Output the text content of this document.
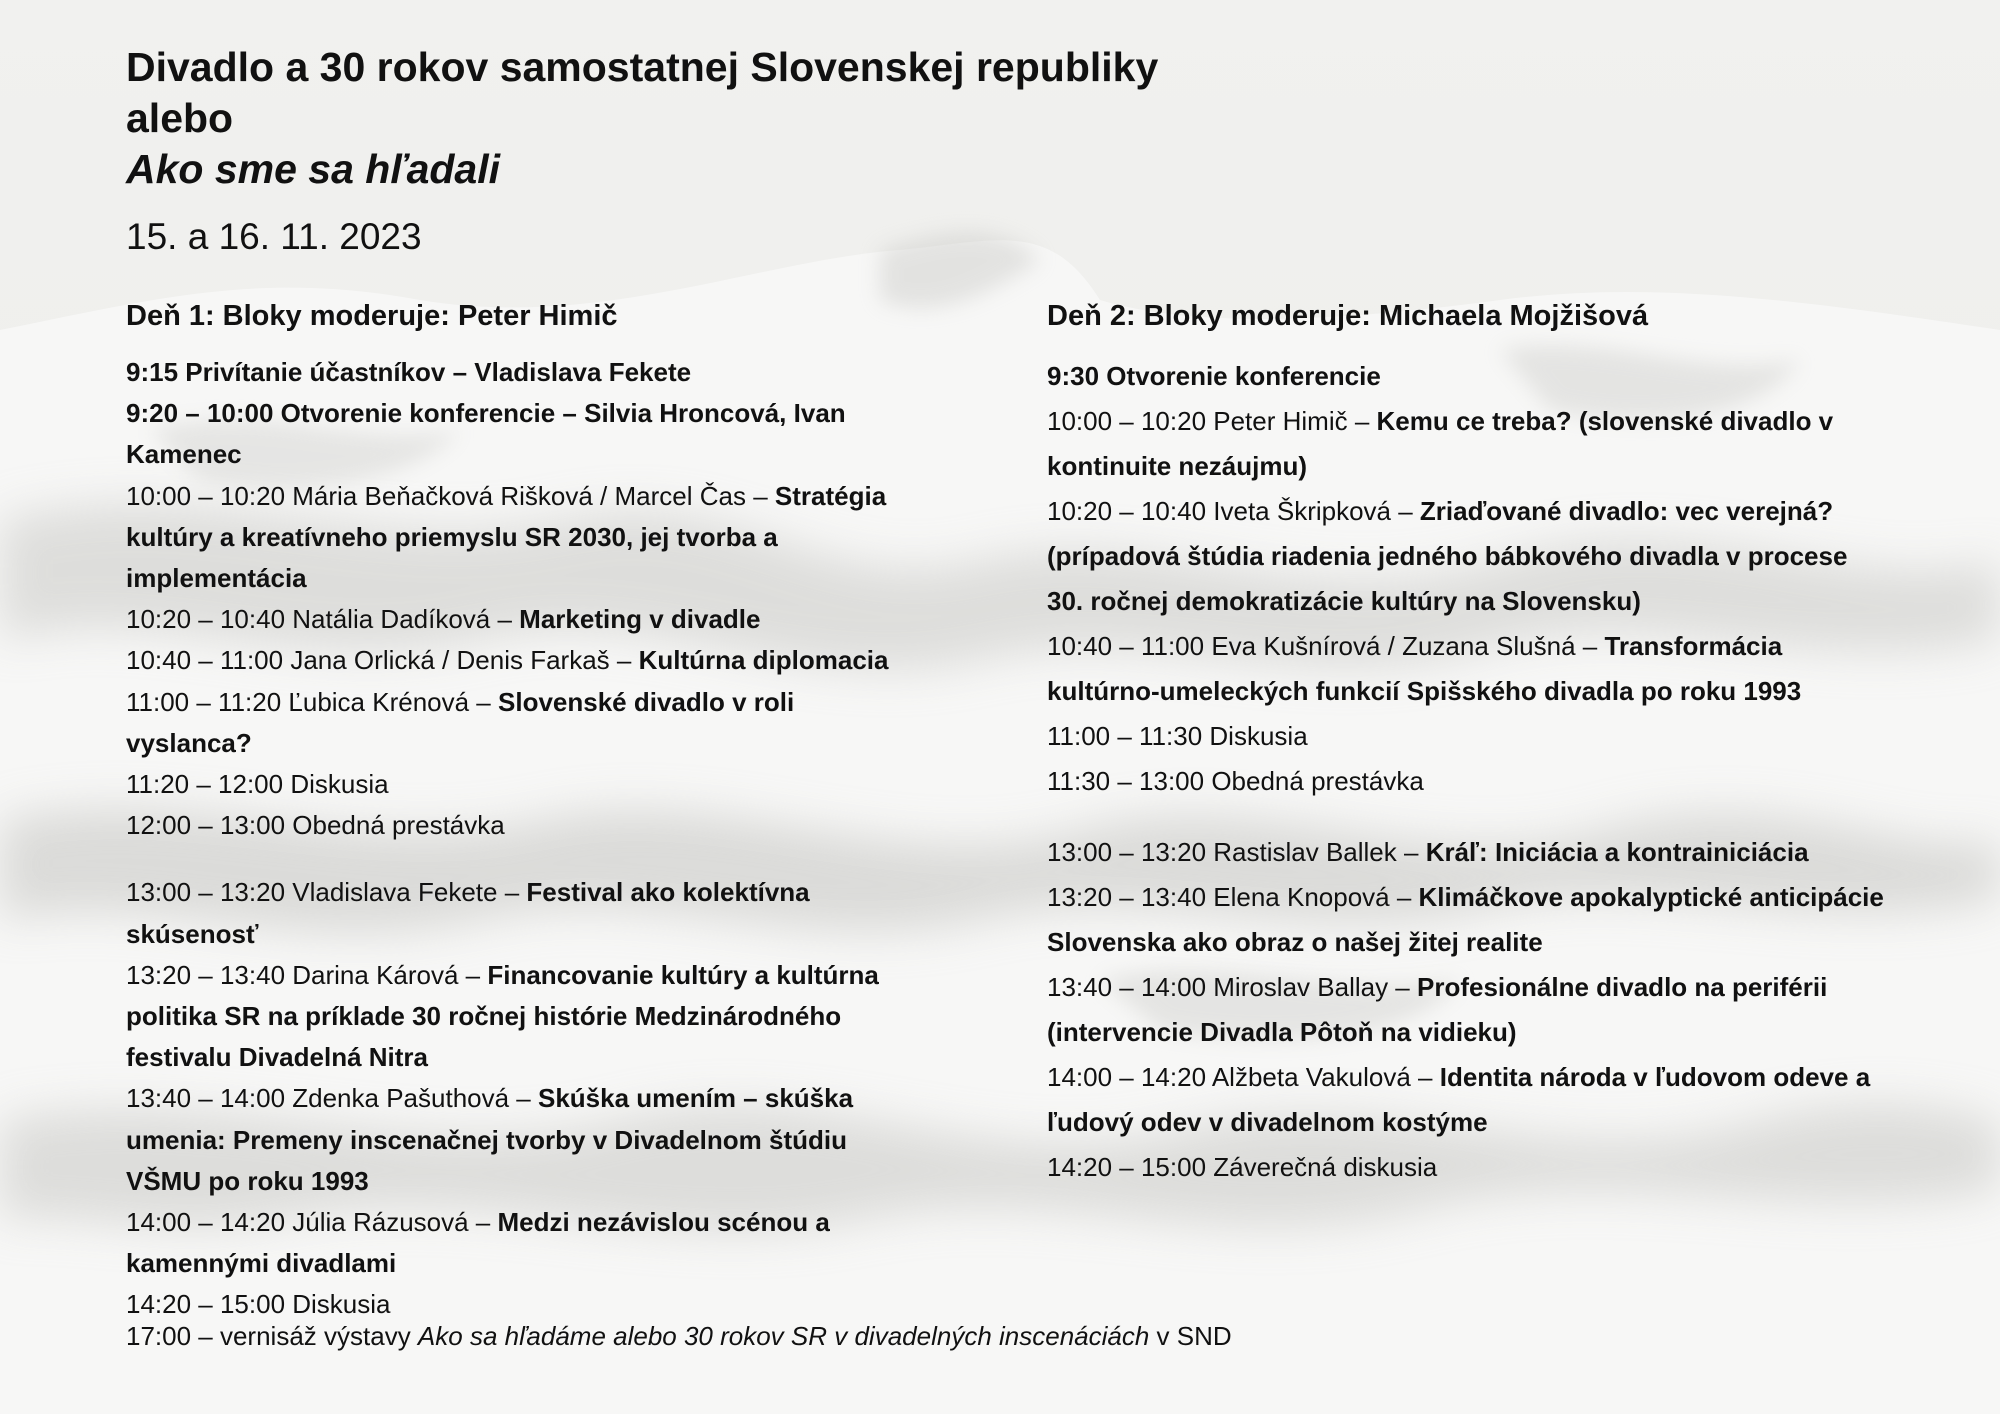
Divadlo a 30 rokov samostatnej Slovenskej republiky

alebo

Ako sme sa hľadali

15. a 16. 11. 2023

Deň 1: Bloky moderuje: Peter Himič

9:15 Privítanie účastníkov – Vladislava Fekete
9:20 – 10:00 Otvorenie konferencie – Silvia Hroncová, Ivan Kamenec
10:00 – 10:20 Mária Beňačková Rišková / Marcel Čas – Stratégia kultúry a kreatívneho priemyslu SR 2030, jej tvorba a implementácia
10:20 – 10:40 Natália Dadíková – Marketing v divadle
10:40 – 11:00 Jana Orlická / Denis Farkaš – Kultúrna diplomacia
11:00 – 11:20 Ľubica Krénová – Slovenské divadlo v roli vyslanca?
11:20 – 12:00 Diskusia
12:00 – 13:00 Obedná prestávka
13:00 – 13:20 Vladislava Fekete – Festival ako kolektívna skúsenosť
13:20 – 13:40 Darina Kárová – Financovanie kultúry a kultúrna politika SR na príklade 30 ročnej histórie Medzinárodného festivalu Divadelná Nitra
13:40 – 14:00 Zdenka Pašuthová – Skúška umením – skúška umenia: Premeny inscenačnej tvorby v Divadelnom štúdiu VŠMU po roku 1993
14:00 – 14:20 Júlia Rázusová – Medzi nezávislou scénou a kamennými divadlami
14:20 – 15:00 Diskusia

Deň 2: Bloky moderuje: Michaela Mojžišová

9:30 Otvorenie konferencie
10:00 – 10:20 Peter Himič – Kemu ce treba? (slovenské divadlo v kontinuite nezáujmu)
10:20 – 10:40 Iveta Škripková – Zriaďované divadlo: vec verejná? (prípadová štúdia riadenia jedného bábkového divadla v procese 30. ročnej demokratizácie kultúry na Slovensku)
10:40 – 11:00 Eva Kušnírová / Zuzana Slušná – Transformácia kultúrno-umeleckých funkcií Spišského divadla po roku 1993
11:00 – 11:30 Diskusia
11:30 – 13:00 Obedná prestávka
13:00 – 13:20 Rastislav Ballek – Kráľ: Iniciácia a kontrainiciácia
13:20 – 13:40 Elena Knopová – Klimáčkove apokalyptické anticipácie Slovenska ako obraz o našej žitej realite
13:40 – 14:00 Miroslav Ballay – Profesionálne divadlo na periférii (intervencie Divadla Pôtoň na vidieku)
14:00 – 14:20 Alžbeta Vakulová – Identita národa v ľudovom odeve a ľudový odev v divadelnom kostýme
14:20 – 15:00 Záverečná diskusia
17:00 – vernisáž výstavy Ako sa hľadáme alebo 30 rokov SR v divadelných inscenáciách v SND
